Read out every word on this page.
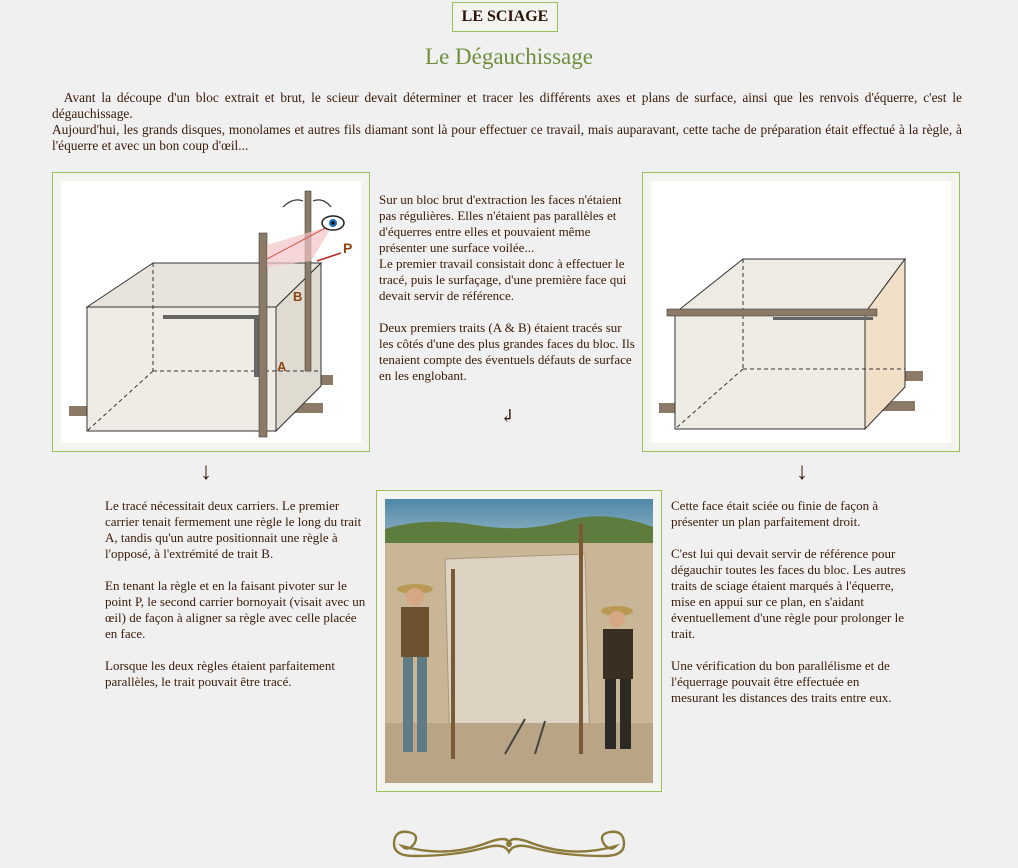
LE SCIAGE
Le Dégauchissage

Avant la découpe d'un bloc extrait et brut, le scieur devait déterminer et tracer les différents axes et plans de surface, ainsi que les renvois d'équerre, c'est le dégauchissage.

Aujourd'hui, les grands disques, monolames et autres fils diamant sont là pour effectuer ce travail, mais auparavant, cette tache de préparation était effectué à la règle, à l'équerre et avec un bon coup d'œil...

P
B
A

Sur un bloc brut d'extraction les faces n'étaient pas régulières. Elles n'étaient pas parallèles et d'équerres entre elles et pouvaient même présenter une surface voilée...
Le premier travail consistait donc à effectuer le tracé, puis le surfaçage, d'une première face qui devait servir de référence.

Deux premiers traits (A & B) étaient tracés sur les côtés d'une des plus grandes faces du bloc. Ils tenaient compte des éventuels défauts de surface en les englobant.

↲
↓	↓

Le tracé nécessitait deux carriers. Le premier carrier tenait fermement une règle le long du trait A, tandis qu'un autre positionnait une règle à l'opposé, à l'extrémité de trait B.

En tenant la règle et en la faisant pivoter sur le point P, le second carrier bornoyait (visait avec un œil) de façon à aligner sa règle avec celle placée en face.

Lorsque les deux règles étaient parfaitement parallèles, le trait pouvait être tracé.

Cette face était sciée ou finie de façon à présenter un plan parfaitement droit.

C'est lui qui devait servir de référence pour dégauchir toutes les faces du bloc. Les autres traits de sciage étaient marqués à l'équerre, mise en appui sur ce plan, en s'aidant éventuellement d'une règle pour prolonger le trait.

Une vérification du bon parallélisme et de l'équerrage pouvait être effectuée en mesurant les distances des traits entre eux.
